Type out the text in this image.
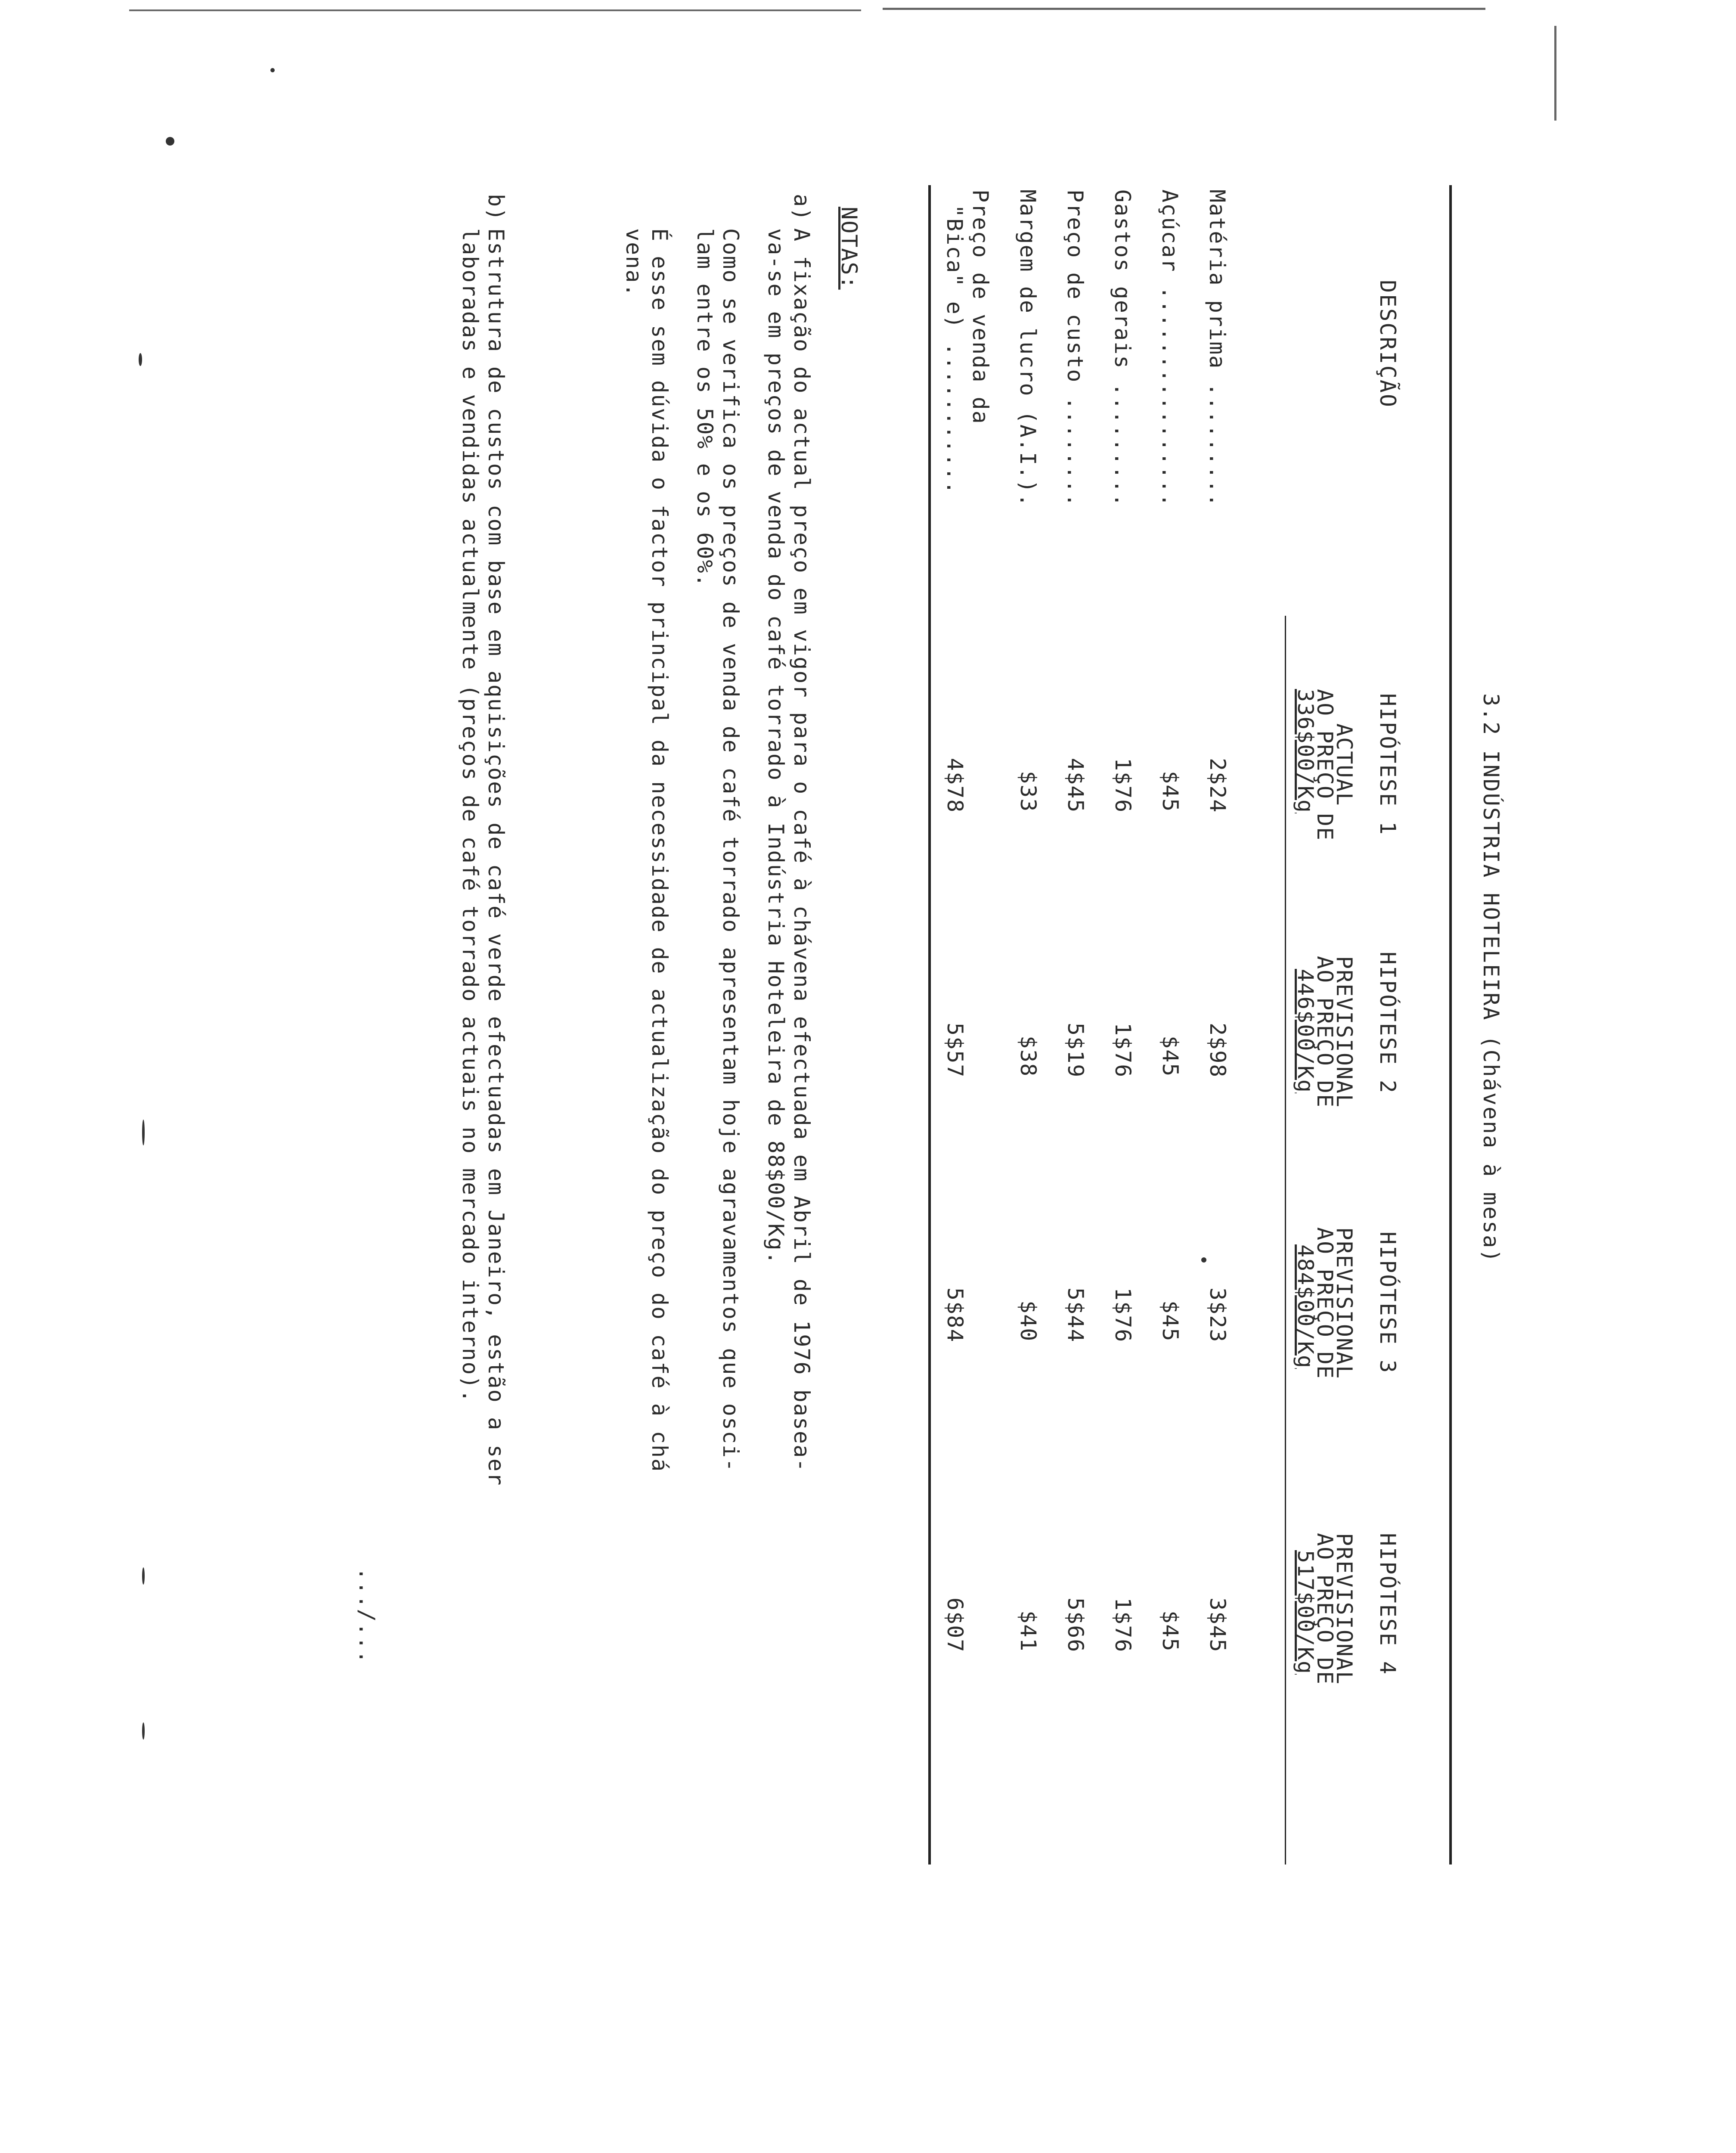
3.2 INDÚSTRIA HOTELEIRA (Chávena à mesa)
DESCRIÇÃO
HIPÓTESE 1
HIPÓTESE 2
HIPÓTESE 3
HIPÓTESE 4
ACTUAL
AO PREÇO DE
336$00/Kg
PREVISIONAL
AO PREÇO DE
446$00/Kg
PREVISIONAL
AO PREÇO DE
484$00/Kg
PREVISIONAL
AO PREÇO DE
517$00/Kg
Matéria prima .........
Açúcar ................
Gastos gerais .........
Preço de custo ........
Margem de lucro (A.I.).
Preço de venda da
"Bica" e) ...........
2$24
$45
1$76
4$45
$33
4$78
2$98
$45
1$76
5$19
$38
5$57
3$23
$45
1$76
5$44
$40
5$84
3$45
$45
1$76
5$66
$41
6$07
NOTAS:
a)
A fixação do actual preço em vigor para o café à chávena efectuada em Abril de 1976 basea-
va-se em preços de venda do café torrado à Indústria Hoteleira de 88$00/Kg.
Como se verifica os preços de venda de café torrado apresentam hoje agravamentos que osci-
lam entre os 50% e os 60%.
É esse sem dúvida o factor principal da necessidade de actualização do preço do café à chá
vena.
b)
Estrutura de custos com base em aquisições de café verde efectuadas em Janeiro, estão a ser
laboradas e vendidas actualmente (preços de café torrado actuais no mercado interno).
.../...
